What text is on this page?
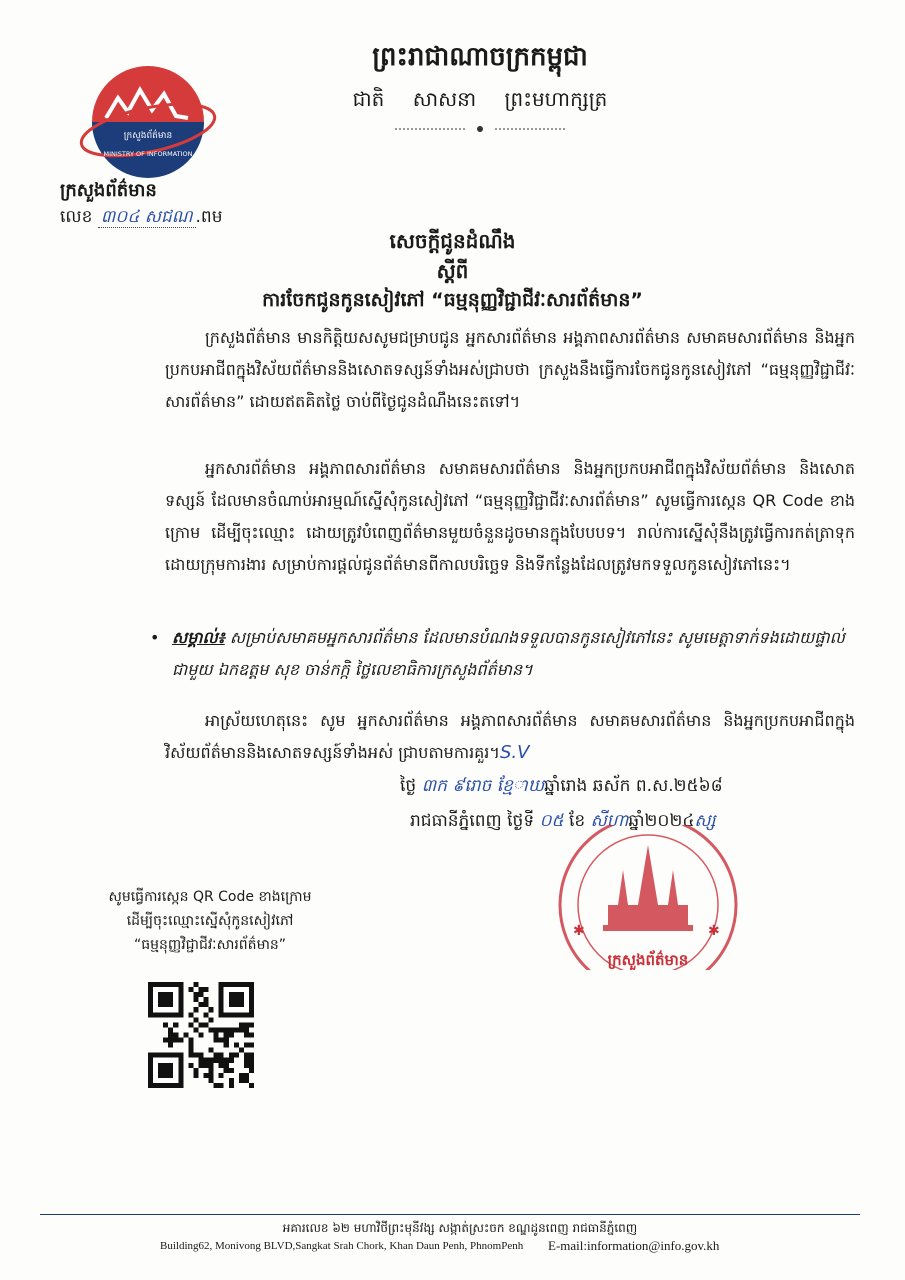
ព្រះរាជាណាចក្រកម្ពុជា
ជាតិ សាសនា ព្រះមហាក្សត្រ
ក្រសួងព័ត៌មាន
MINISTRY OF INFORMATION
ក្រសួងព័ត៌មាន
លេខ ៣០៤ សជណ .ពម
សេចក្តីជូនដំណឹង
ស្តីពី
ការចែកជូនកូនសៀវភៅ “ធម្មនុញ្ញវិជ្ជាជីវៈសារព័ត៌មាន”
ក្រសួងព័ត៌មាន មានកិត្តិយសសូមជម្រាបជូន អ្នកសារព័ត៌មាន អង្គភាពសារព័ត៌មាន សមាគមសារព័ត៌មាន និងអ្នកប្រកបអាជីពក្នុងវិស័យព័ត៌មាននិងសោតទស្សន៍ទាំងអស់ជ្រាបថា ក្រសួងនឹងធ្វើការចែកជូនកូនសៀវភៅ “ធម្មនុញ្ញវិជ្ជាជីវៈសារព័ត៌មាន” ដោយឥតគិតថ្លៃ ចាប់ពីថ្ងៃជូនដំណឹងនេះតទៅ។
អ្នកសារព័ត៌មាន អង្គភាពសារព័ត៌មាន សមាគមសារព័ត៌មាន និងអ្នកប្រកបអាជីពក្នុងវិស័យព័ត៌មាន និងសោតទស្សន៍ ដែលមានចំណាប់អារម្មណ៍ស្នើសុំកូនសៀវភៅ “ធម្មនុញ្ញវិជ្ជាជីវៈសារព័ត៌មាន” សូមធ្វើការស្កេន QR Code ខាងក្រោម ដើម្បីចុះឈ្មោះ ដោយត្រូវបំពេញព័ត៌មានមួយចំនួនដូចមានក្នុងបែបបទ។ រាល់ការស្នើសុំនឹងត្រូវធ្វើការកត់ត្រាទុកដោយក្រុមការងារ សម្រាប់ការផ្តល់ជូនព័ត៌មានពីកាលបរិច្ឆេទ និងទីកន្លែងដែលត្រូវមកទទួលកូនសៀវភៅនេះ។
• សម្គាល់៖ សម្រាប់សមាគមអ្នកសារព័ត៌មាន ដែលមានបំណងទទួលបានកូនសៀវភៅនេះ សូមមេត្តាទាក់ទងដោយផ្ទាល់ជាមួយ ឯកឧត្តម សុខ ចាន់កក្កិ ថ្លៃលេខាធិការក្រសួងព័ត៌មាន។
អាស្រ័យហេតុនេះ សូម អ្នកសារព័ត៌មាន អង្គភាពសារព័ត៌មាន សមាគមសារព័ត៌មាន និងអ្នកប្រកបអាជីពក្នុងវិស័យព័ត៌មាននិងសោតទស្សន៍ទាំងអស់ ជ្រាបតាមការគួរ។S.V
ថ្ងៃ ៣ក ៩រោច ខែ្មាឃឆ្នាំរោង ឆស័ក ព.ស.២៥៦៨
រាជធានីភ្នំពេញ ថ្ងៃទី ០៥ ខែ សីហាឆ្នាំ២០២៤ស្ស
✱	✱
ក្រសួងព័ត៌មាន
សូមធ្វើការស្កេន QR Code ខាងក្រោម
ដើម្បីចុះឈ្មោះស្នើសុំកូនសៀវភៅ
“ធម្មនុញ្ញវិជ្ជាជីវៈសារព័ត៌មាន”
អគារលេខ ៦២ មហាវិថីព្រះមុនីវង្ស សង្កាត់ស្រះចក ខណ្ឌដូនពេញ រាជធានីភ្នំពេញ
Building62, Monivong BLVD,Sangkat Srah Chork, Khan Daun Penh, PhnomPenh	E-mail:information@info.gov.kh
